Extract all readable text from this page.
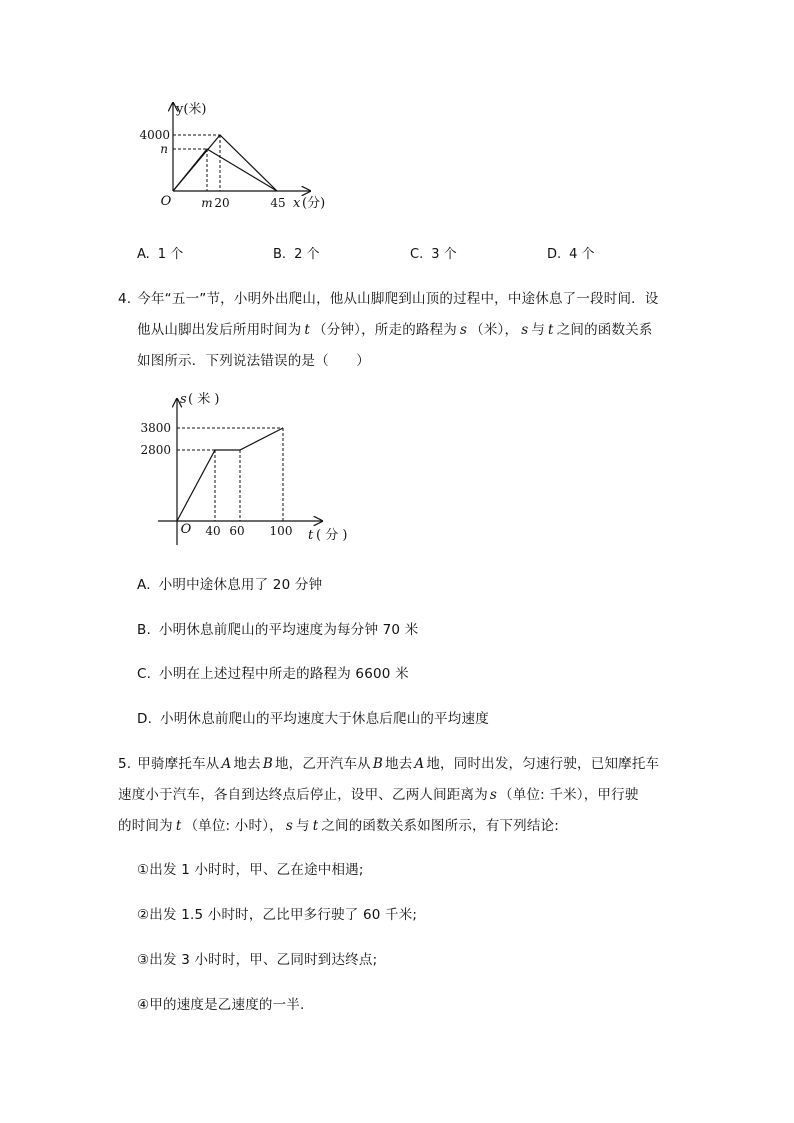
y(米)
4000
n
O m 20	45 x (分)
A. 1 个	B. 2 个	C. 3 个	D. 4 个
4. 今年“五一”节，小明外出爬山，他从山脚爬到山顶的过程中，中途休息了一段时间．设
他从山脚出发后所用时间为 t （分钟），所走的路程为 s （米）， s 与 t 之间的函数关系
如图所示．下列说法错误的是（　　）
s ( 米 )
3800
2800
O 40 60 100 t ( 分 )
A. 小明中途休息用了 20 分钟
B. 小明休息前爬山的平均速度为每分钟 70 米
C. 小明在上述过程中所走的路程为 6600 米
D. 小明休息前爬山的平均速度大于休息后爬山的平均速度
5. 甲骑摩托车从 A 地去 B 地，乙开汽车从 B 地去 A 地，同时出发，匀速行驶，已知摩托车
速度小于汽车，各自到达终点后停止，设甲、乙两人间距离为 s （单位: 千米），甲行驶
的时间为 t （单位: 小时）， s 与 t 之间的函数关系如图所示，有下列结论:
①出发 1 小时时，甲、乙在途中相遇;
②出发 1.5 小时时，乙比甲多行驶了 60 千米;
③出发 3 小时时，甲、乙同时到达终点;
④甲的速度是乙速度的一半.
